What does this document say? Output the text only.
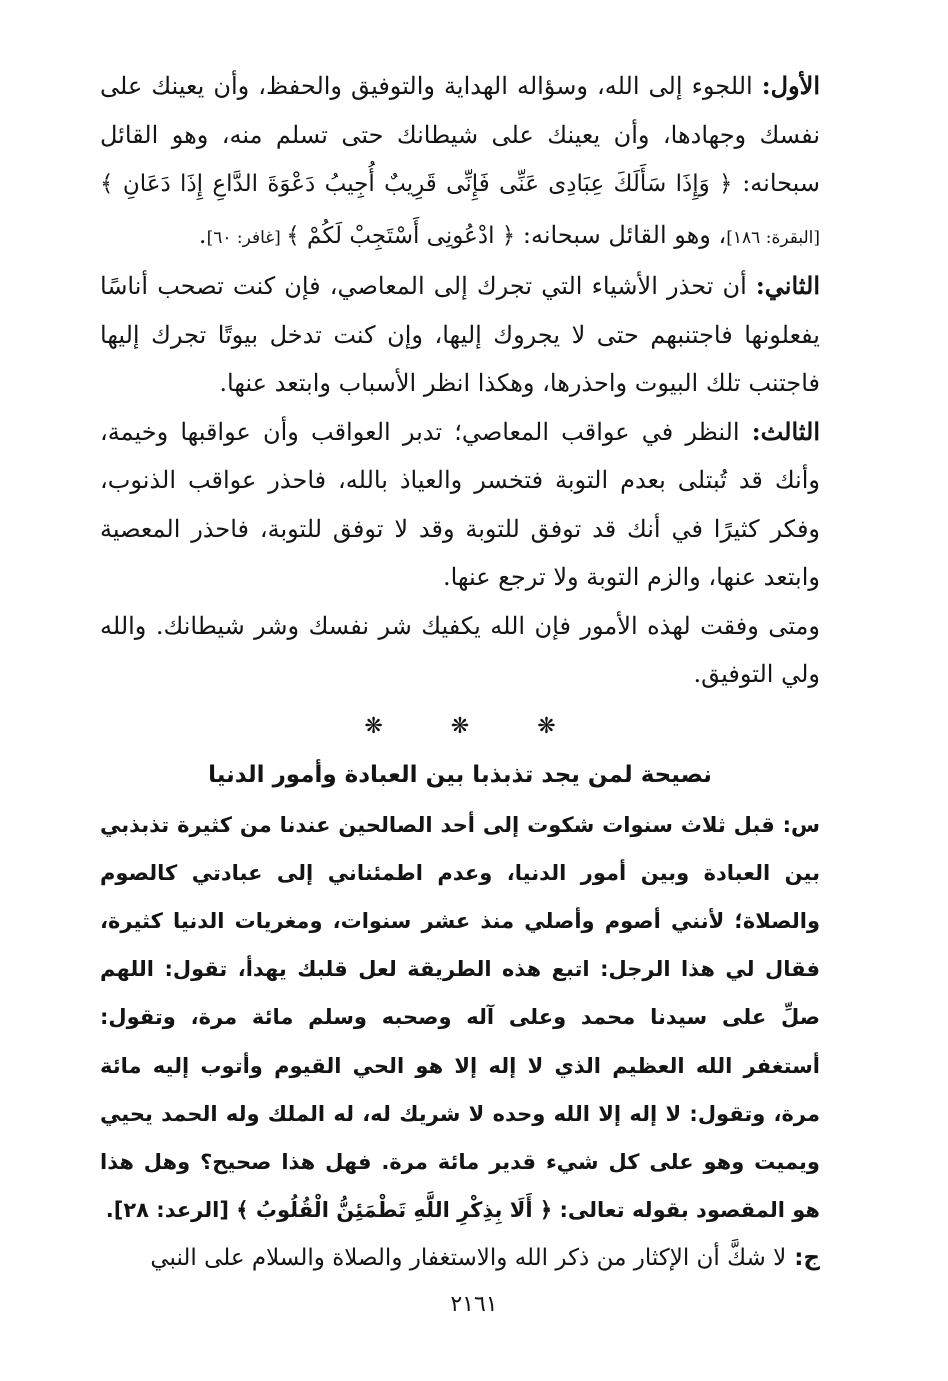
الأول: اللجوء إلى الله، وسؤاله الهداية والتوفيق والحفظ، وأن يعينك على نفسك وجهادها، وأن يعينك على شيطانك حتى تسلم منه، وهو القائل سبحانه: ﴿ وَإِذَا سَأَلَكَ عِبَادِى عَنِّى فَإِنِّى قَرِيبٌ أُجِيبُ دَعْوَةَ الدَّاعِ إِذَا دَعَانِ ﴾ [البقرة: ١٨٦]، وهو القائل سبحانه: ﴿ ادْعُونِى أَسْتَجِبْ لَكُمْ ﴾ [غافر: ٦٠].

الثاني: أن تحذر الأشياء التي تجرك إلى المعاصي، فإن كنت تصحب أناسًا يفعلونها فاجتنبهم حتى لا يجروك إليها، وإن كنت تدخل بيوتًا تجرك إليها فاجتنب تلك البيوت واحذرها، وهكذا انظر الأسباب وابتعد عنها.

الثالث: النظر في عواقب المعاصي؛ تدبر العواقب وأن عواقبها وخيمة، وأنك قد تُبتلى بعدم التوبة فتخسر والعياذ بالله، فاحذر عواقب الذنوب، وفكر كثيرًا في أنك قد توفق للتوبة وقد لا توفق للتوبة، فاحذر المعصية وابتعد عنها، والزم التوبة ولا ترجع عنها.

ومتى وفقت لهذه الأمور فإن الله يكفيك شر نفسك وشر شيطانك. والله ولي التوفيق.

❋	❋	❋
نصيحة لمن يجد تذبذبا بين العبادة وأمور الدنيا

س: قبل ثلاث سنوات شكوت إلى أحد الصالحين عندنا من كثيرة تذبذبي بين العبادة وبين أمور الدنيا، وعدم اطمئناني إلى عبادتي كالصوم والصلاة؛ لأنني أصوم وأصلي منذ عشر سنوات، ومغريات الدنيا كثيرة، فقال لي هذا الرجل: اتبع هذه الطريقة لعل قلبك يهدأ، تقول: اللهم صلِّ على سيدنا محمد وعلى آله وصحبه وسلم مائة مرة، وتقول: أستغفر الله العظيم الذي لا إله إلا هو الحي القيوم وأتوب إليه مائة مرة، وتقول: لا إله إلا الله وحده لا شريك له، له الملك وله الحمد يحيي ويميت وهو على كل شيء قدير مائة مرة. فهل هذا صحيح؟ وهل هذا هو المقصود بقوله تعالى: ﴿ أَلَا بِذِكْرِ اللَّهِ تَطْمَئِنُّ الْقُلُوبُ ﴾ [الرعد: ٢٨].

ج: لا شكَّ أن الإكثار من ذكر الله والاستغفار والصلاة والسلام على النبي

٢١٦١
